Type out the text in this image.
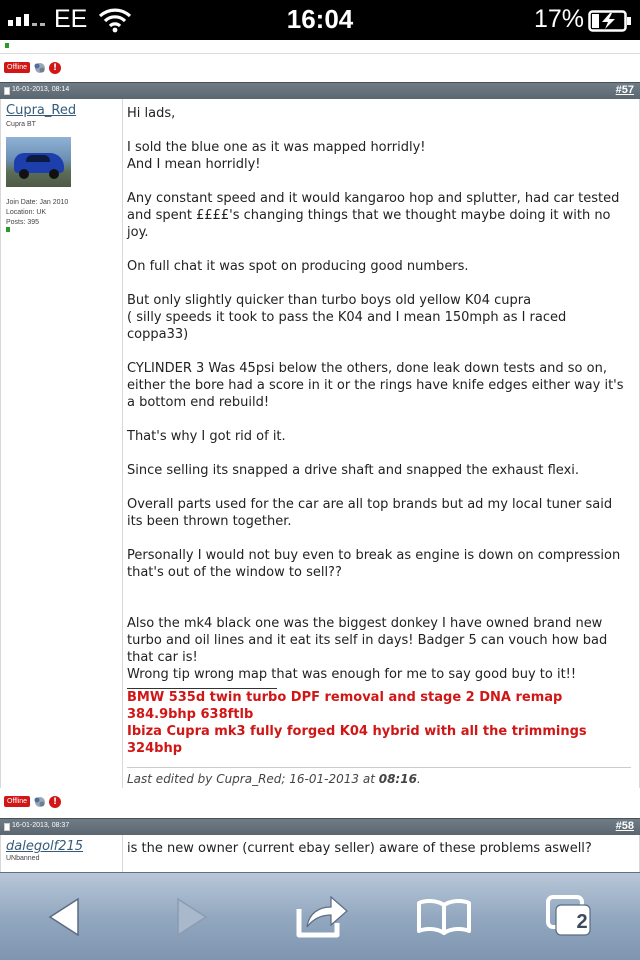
EE	16:04	17%
Offline	!
16-01-2013, 08:14	#57
Cupra_Red
Cupra BT
Join Date: Jan 2010
Location: UK
Posts: 395
Hi lads,
I sold the blue one as it was mapped horridly!
And I mean horridly!
Any constant speed and it would kangaroo hop and splutter, had car tested and spent ££££'s changing things that we thought maybe doing it with no joy.
On full chat it was spot on producing good numbers.
But only slightly quicker than turbo boys old yellow K04 cupra
( silly speeds it took to pass the K04 and I mean 150mph as I raced coppa33)
CYLINDER 3 Was 45psi below the others, done leak down tests and so on, either the bore had a score in it or the rings have knife edges either way it's a bottom end rebuild!
That's why I got rid of it.
Since selling its snapped a drive shaft and snapped the exhaust flexi.
Overall parts used for the car are all top brands but ad my local tuner said its been thrown together.
Personally I would not buy even to break as engine is down on compression that's out of the window to sell??
Also the mk4 black one was the biggest donkey I have owned brand new turbo and oil lines and it eat its self in days! Badger 5 can vouch how bad that car is!
Wrong tip wrong map that was enough for me to say good buy to it!!
BMW 535d twin turbo DPF removal and stage 2 DNA remap 384.9bhp 638ftlb
Ibiza Cupra mk3 fully forged K04 hybrid with all the trimmings 324bhp
Last edited by Cupra_Red; 16-01-2013 at 08:16.
Offline	!
16-01-2013, 08:37	#58
dalegolf215
UNbanned
is the new owner (current ebay seller) aware of these problems aswell?
2
